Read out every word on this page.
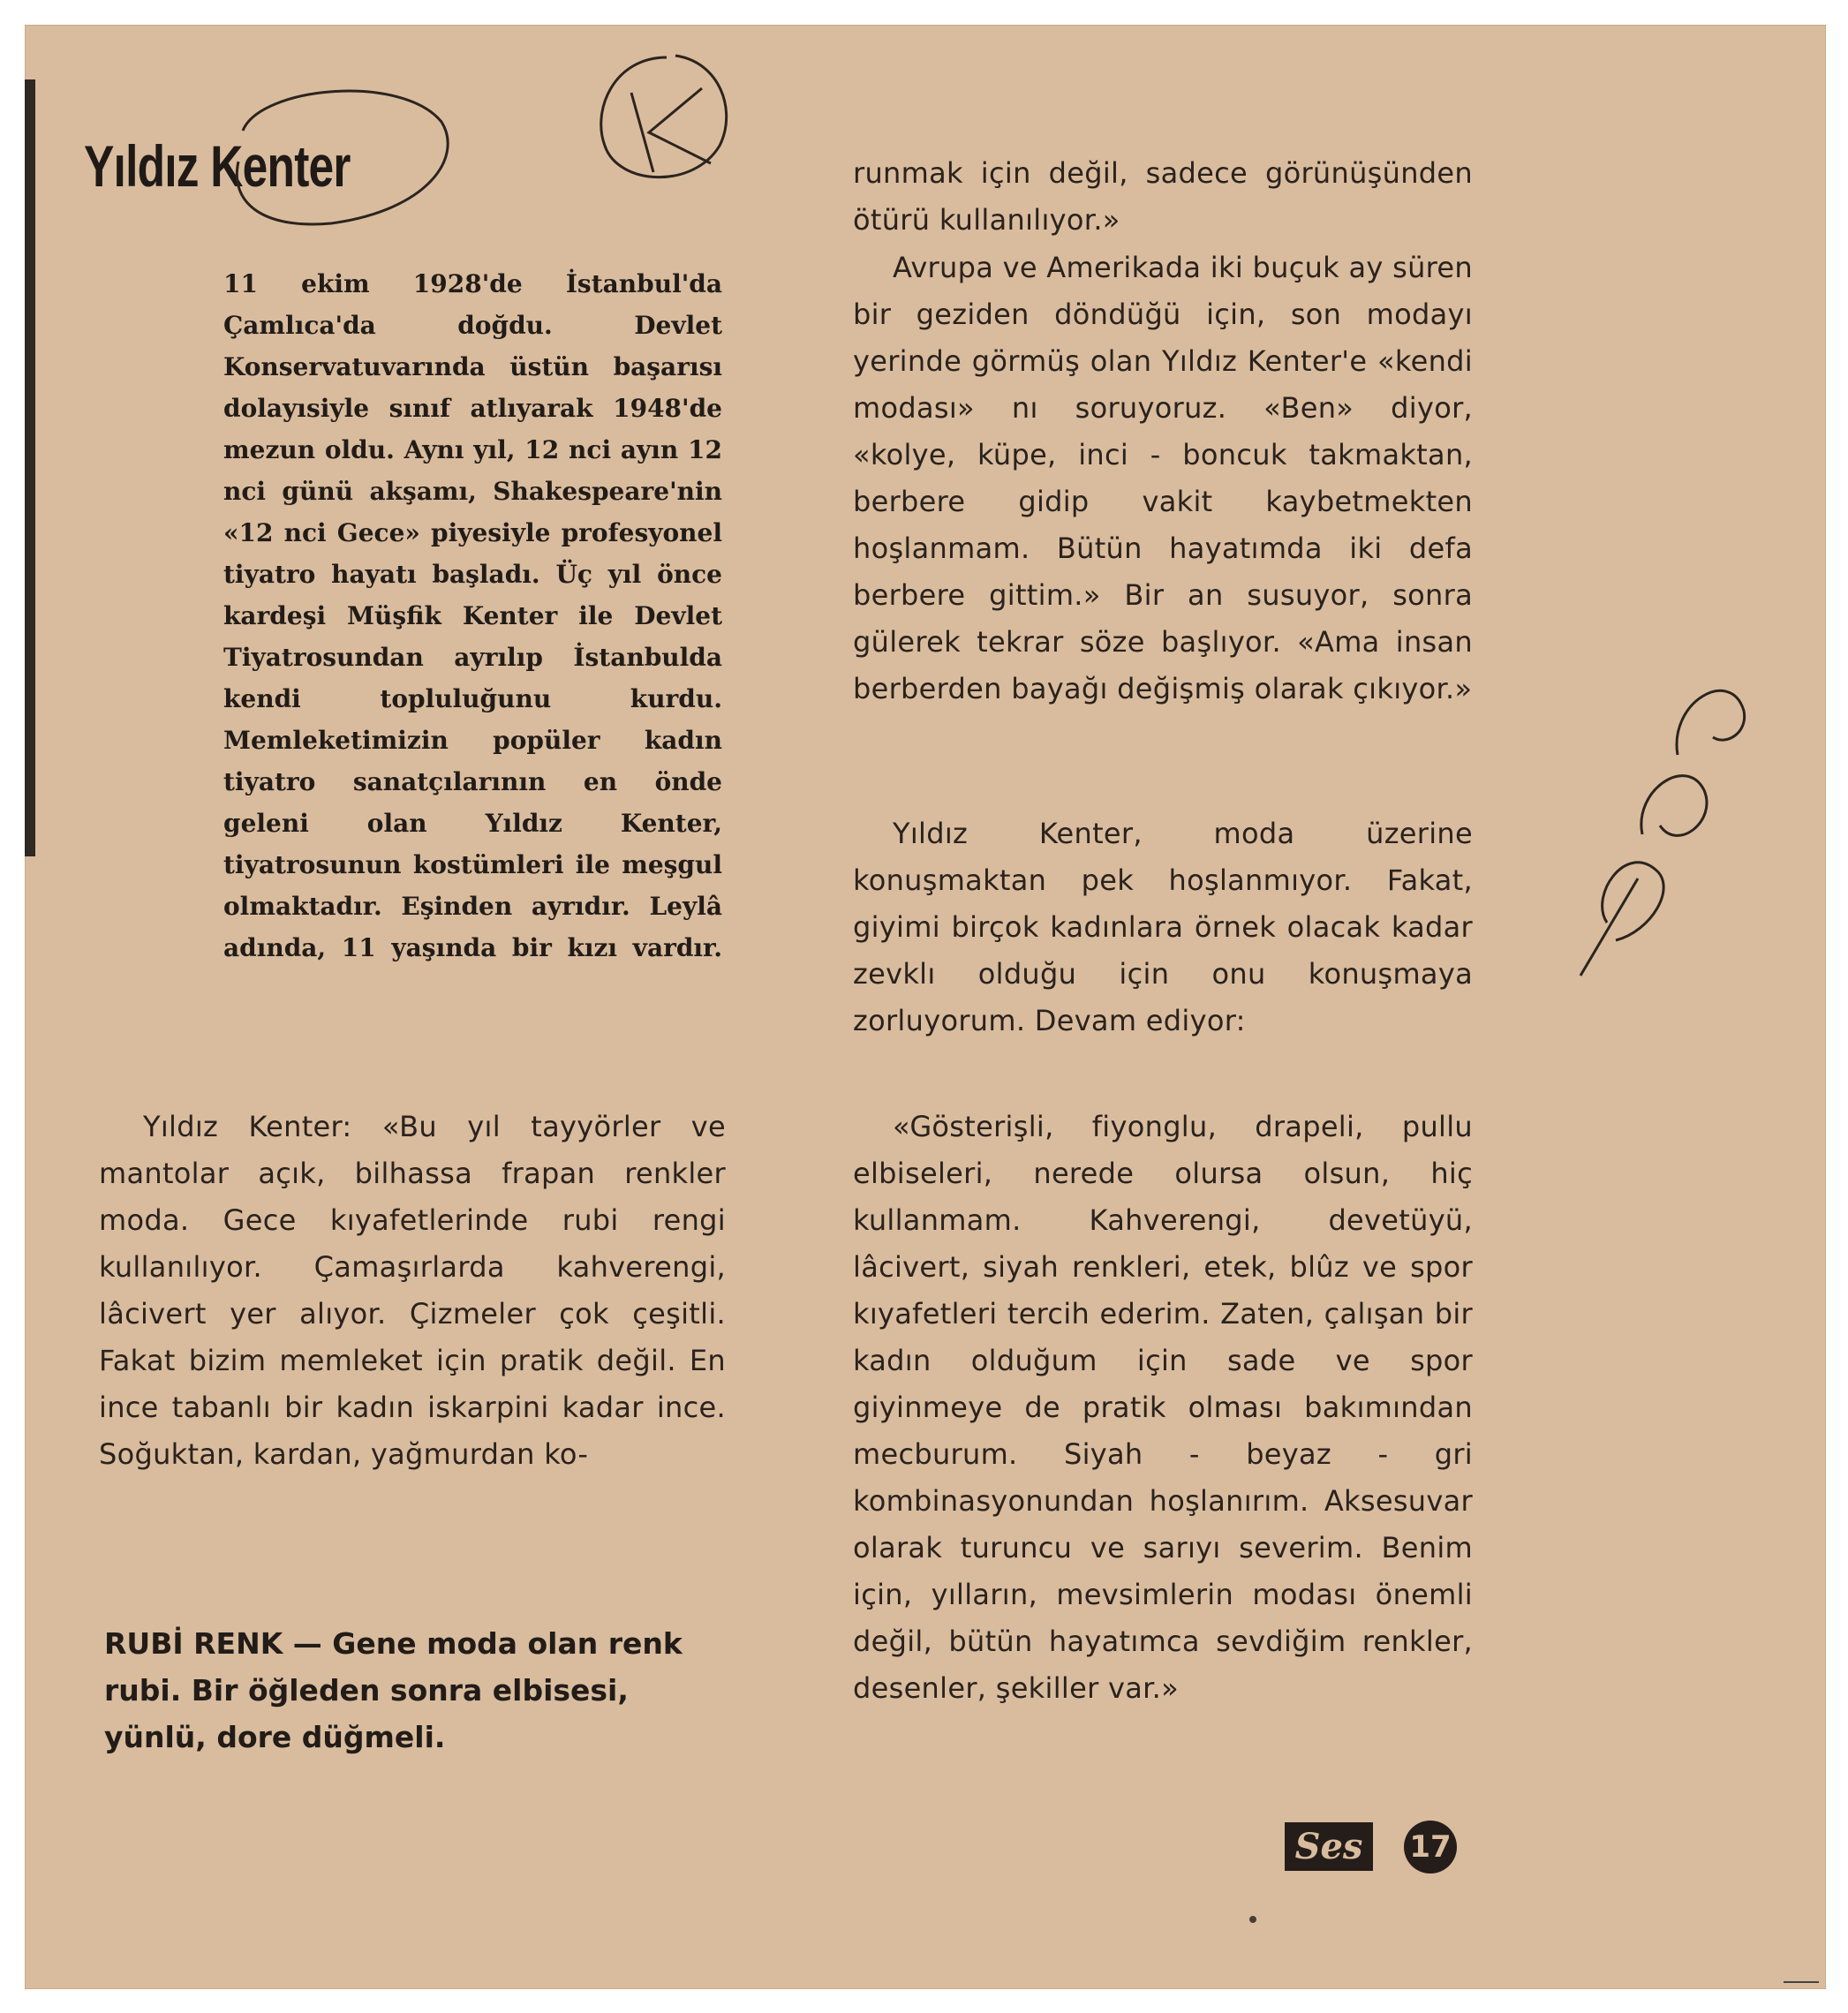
Yıldız Kenter

11 ekim 1928'de İstanbul'da Çamlıca'da doğdu. Devlet Konservatuvarında üstün başarısı dolayısiyle sınıf atlıyarak 1948'de mezun oldu. Aynı yıl, 12 nci ayın 12 nci günü akşamı, Shakespeare'nin «12 nci Gece» piyesiyle profesyonel tiyatro hayatı başladı. Üç yıl önce kardeşi Müşfik Kenter ile Devlet Tiyatrosundan ayrılıp İstanbulda kendi topluluğunu kurdu. Memleketimizin popüler kadın tiyatro sanatçılarının en önde geleni olan Yıldız Kenter, tiyatrosunun kostümleri ile meşgul olmaktadır. Eşinden ayrıdır. Leylâ adında, 11 yaşında bir kızı vardır.

Yıldız Kenter: «Bu yıl tayyörler ve mantolar açık, bilhassa frapan renkler moda. Gece kıyafetlerinde rubi rengi kullanılıyor. Çamaşırlarda kahverengi, lâcivert yer alıyor. Çizmeler çok çeşitli. Fakat bizim memleket için pratik değil. En ince tabanlı bir kadın iskarpini kadar ince. Soğuktan, kardan, yağmurdan ko-

runmak için değil, sadece görünüşünden ötürü kullanılıyor.»

Avrupa ve Amerikada iki buçuk ay süren bir geziden döndüğü için, son modayı yerinde görmüş olan Yıldız Kenter'e «kendi modası» nı soruyoruz. «Ben» diyor, «kolye, küpe, inci - boncuk takmaktan, berbere gidip vakit kaybetmekten hoşlanmam. Bütün hayatımda iki defa berbere gittim.» Bir an susuyor, sonra gülerek tekrar söze başlıyor. «Ama insan berberden bayağı değişmiş olarak çıkıyor.»

Yıldız Kenter, moda üzerine konuşmaktan pek hoşlanmıyor. Fakat, giyimi birçok kadınlara örnek olacak kadar zevklı olduğu için onu konuşmaya zorluyorum. Devam ediyor:

«Gösterişli, fiyonglu, drapeli, pullu elbiseleri, nerede olursa olsun, hiç kullanmam. Kahverengi, devetüyü, lâcivert, siyah renkleri, etek, blûz ve spor kıyafetleri tercih ederim. Zaten, çalışan bir kadın olduğum için sade ve spor giyinmeye de pratik olması bakımından mecburum. Siyah - beyaz - gri kombinasyonundan hoşlanırım. Aksesuvar olarak turuncu ve sarıyı severim. Benim için, yılların, mevsimlerin modası önemli değil, bütün hayatımca sevdiğim renkler, desenler, şekiller var.»

RUBİ RENK — Gene moda olan renk rubi. Bir öğleden sonra elbisesi, yünlü, dore düğmeli.

Ses	17
